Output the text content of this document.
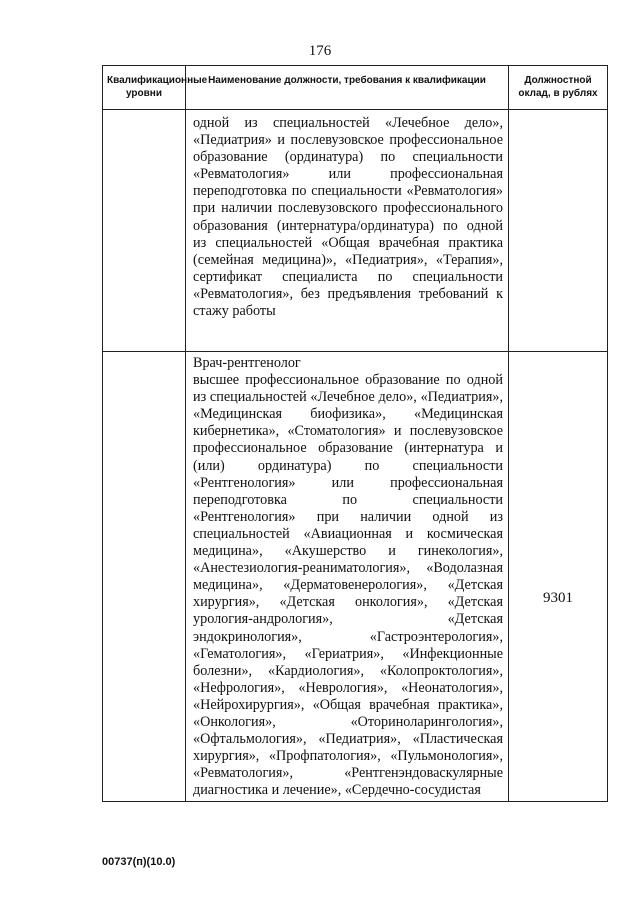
176
Квалификационные уровни	Наименование должности, требования к квалификации	Должностной оклад, в рублях

	одной из специальностей «Лечебное дело», «Педиатрия» и послевузовское профессиональное образование (ординатура) по специальности «Ревматология» или профессиональная переподготовка по специальности «Ревматология» при наличии послевузовского профессионального образования (интернатура/ординатура) по одной из специальностей «Общая врачебная практика (семейная медицина)», «Педиатрия», «Терапия», сертификат специалиста по специальности «Ревматология», без предъявления требований к стажу работы	

	Врач-рентгенолог
высшее профессиональное образование по одной из специальностей «Лечебное дело», «Педиатрия», «Медицинская биофизика», «Медицинская кибернетика», «Стоматология» и послевузовское профессиональное образование (интернатура и (или) ординатура) по специальности «Рентгенология» или профессиональная переподготовка по специальности «Рентгенология» при наличии одной из специальностей «Авиационная и космическая медицина», «Акушерство и гинекология», «Анестезиология-реаниматология», «Водолазная медицина», «Дерматовенерология», «Детская хирургия», «Детская онкология», «Детская урология-андрология», «Детская эндокринология», «Гастроэнтерология», «Гематология», «Гериатрия», «Инфекционные болезни», «Кардиология», «Колопроктология», «Нефрология», «Неврология», «Неонатология», «Нейрохирургия», «Общая врачебная практика», «Онкология», «Оториноларингология», «Офтальмология», «Педиатрия», «Пластическая хирургия», «Профпатология», «Пульмонология», «Ревматология», «Рентгенэндоваскулярные диагностика и лечение», «Сердечно-сосудистая	9301
00737(п)(10.0)
